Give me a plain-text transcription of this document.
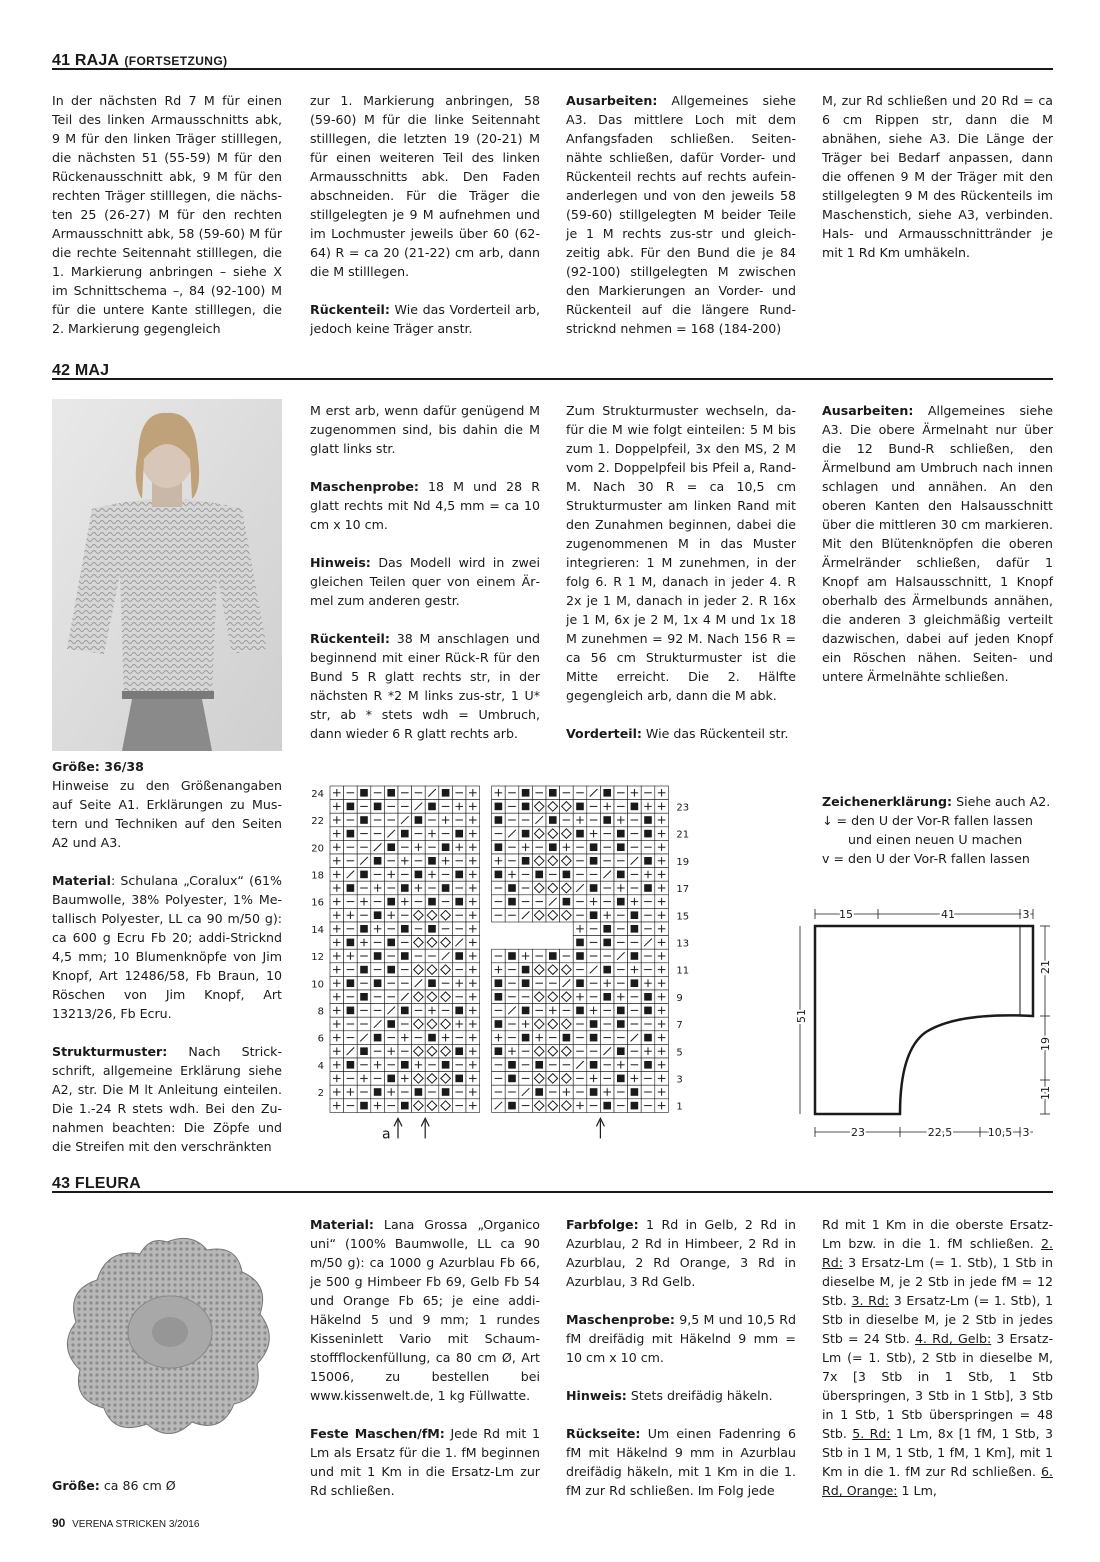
41 RAJA (FORTSETZUNG)

In der nächsten Rd 7 M für einen Teil des linken Armausschnitts abk, 9 M für den linken Träger stilllegen, die nächsten 51 (55-59) M für den Rückenausschnitt abk, 9 M für den rechten Träger stilllegen, die nächsten 25 (26-27) M für den rechten Armausschnitt abk, 58 (59-60) M für die rechte Seitennaht stilllegen, die 1. Markierung anbringen – siehe X im Schnittschema –, 84 (92-100) M für die untere Kante stilllegen, die 2. Markierung gegengleich

zur 1. Markierung anbringen, 58 (59-60) M für die linke Seitennaht stilllegen, die letzten 19 (20-21) M für einen weiteren Teil des linken Armausschnitts abk. Den Faden abschneiden. Für die Träger die stillgelegten je 9 M aufnehmen und im Lochmuster jeweils über 60 (62-64) R = ca 20 (21-22) cm arb, dann die M stilllegen.

Rückenteil: Wie das Vorderteil arb, jedoch keine Träger anstr.

Ausarbeiten: Allgemeines siehe A3. Das mittlere Loch mit dem Anfangsfaden schließen. Seitennähte schließen, dafür Vorder- und Rückenteil rechts auf rechts aufeinanderlegen und von den jeweils 58 (59-60) stillgelegten M beider Teile je 1 M rechts zus-str und gleichzeitig abk. Für den Bund die je 84 (92-100) stillgelegten M zwischen den Markierungen an Vorder- und Rückenteil auf die längere Rundstricknd nehmen = 168 (184-200)

M, zur Rd schließen und 20 Rd = ca 6 cm Rippen str, dann die M abnähen, siehe A3. Die Länge der Träger bei Bedarf anpassen, dann die offenen 9 M der Träger mit den stillgelegten 9 M des Rückenteils im Maschenstich, siehe A3, verbinden. Hals- und Armausschnittränder je mit 1 Rd Km umhäkeln.

42 MAJ

Größe: 36/38

Hinweise zu den Größenangaben auf Seite A1. Erklärungen zu Mustern und Techniken auf den Seiten A2 und A3.

Material: Schulana „Coralux“ (61% Baumwolle, 38% Polyester, 1% Metallisch Polyester, LL ca 90 m/50 g): ca 600 g Ecru Fb 20; addi-Stricknd 4,5 mm; 10 Blumenknöpfe von Jim Knopf, Art 12486/58, Fb Braun, 10 Röschen von Jim Knopf, Art 13213/26, Fb Ecru.

Strukturmuster: Nach Strickschrift, allgemeine Erklärung siehe A2, str. Die M lt Anleitung einteilen. Die 1.-24 R stets wdh. Bei den Zunahmen beachten: Die Zöpfe und die Streifen mit den verschränkten

M erst arb, wenn dafür genügend M zugenommen sind, bis dahin die M glatt links str.

Maschenprobe: 18 M und 28 R glatt rechts mit Nd 4,5 mm = ca 10 cm x 10 cm.

Hinweis: Das Modell wird in zwei gleichen Teilen quer von einem Ärmel zum anderen gestr.

Rückenteil: 38 M anschlagen und beginnend mit einer Rück-R für den Bund 5 R glatt rechts str, in der nächsten R *2 M links zus-str, 1 U* str, ab * stets wdh = Umbruch, dann wieder 6 R glatt rechts arb.

Zum Strukturmuster wechseln, dafür die M wie folgt einteilen: 5 M bis zum 1. Doppelpfeil, 3x den MS, 2 M vom 2. Doppelpfeil bis Pfeil a, Rand-M. Nach 30 R = ca 10,5 cm Strukturmuster am linken Rand mit den Zunahmen beginnen, dabei die zugenommenen M in das Muster integrieren: 1 M zunehmen, in der folg 6. R 1 M, danach in jeder 4. R 2x je 1 M, danach in jeder 2. R 16x je 1 M, 6x je 2 M, 1x 4 M und 1x 18 M zunehmen = 92 M. Nach 156 R = ca 56 cm Strukturmuster ist die Mitte erreicht. Die 2. Hälfte gegengleich arb, dann die M abk.

Vorderteil: Wie das Rückenteil str.

Ausarbeiten: Allgemeines siehe A3. Die obere Ärmelnaht nur über die 12 Bund-R schließen, den Ärmelbund am Umbruch nach innen schlagen und annähen. An den oberen Kanten den Halsausschnitt über die mittleren 30 cm markieren. Mit den Blütenknöpfen die oberen Ärmelränder schließen, dafür 1 Knopf am Halsausschnitt, 1 Knopf oberhalb des Ärmelbunds annähen, die anderen 3 gleichmäßig verteilt dazwischen, dabei auf jeden Knopf ein Röschen nähen. Seiten- und untere Ärmelnähte schließen.

24
22
20
18
16
14
12
10
8
6
4
2
23
21
19
17
15
13
11
9
7
5
3
1
a
Zeichenerklärung: Siehe auch A2.
↓ = den U der Vor-R fallen lassen
und einen neuen U machen
v = den U der Vor-R fallen lassen
15	41	3
51
21
19
11
23	22,5	10,5 3
43 FLEURA

Größe: ca 86 cm Ø

Material: Lana Grossa „Organico uni“ (100% Baumwolle, LL ca 90 m/50 g): ca 1000 g Azurblau Fb 66, je 500 g Himbeer Fb 69, Gelb Fb 54 und Orange Fb 65; je eine addi-Häkelnd 5 und 9 mm; 1 rundes Kisseninlett Vario mit Schaumstoffflockenfüllung, ca 80 cm Ø, Art 15006, zu bestellen bei www.kissenwelt.de, 1 kg Füllwatte.

Feste Maschen/fM: Jede Rd mit 1 Lm als Ersatz für die 1. fM beginnen und mit 1 Km in die Ersatz-Lm zur Rd schließen.

Farbfolge: 1 Rd in Gelb, 2 Rd in Azurblau, 2 Rd in Himbeer, 2 Rd in Azurblau, 2 Rd Orange, 3 Rd in Azurblau, 3 Rd Gelb.

Maschenprobe: 9,5 M und 10,5 Rd fM dreifädig mit Häkelnd 9 mm = 10 cm x 10 cm.

Hinweis: Stets dreifädig häkeln.

Rückseite: Um einen Fadenring 6 fM mit Häkelnd 9 mm in Azurblau dreifädig häkeln, mit 1 Km in die 1. fM zur Rd schließen. Im Folg jede

Rd mit 1 Km in die oberste Ersatz-Lm bzw. in die 1. fM schließen. 2. Rd: 3 Ersatz-Lm (= 1. Stb), 1 Stb in dieselbe M, je 2 Stb in jede fM = 12 Stb. 3. Rd: 3 Ersatz-Lm (= 1. Stb), 1 Stb in dieselbe M, je 2 Stb in jedes Stb = 24 Stb. 4. Rd, Gelb: 3 Ersatz-Lm (= 1. Stb), 2 Stb in dieselbe M, 7x [3 Stb in 1 Stb, 1 Stb überspringen, 3 Stb in 1 Stb], 3 Stb in 1 Stb, 1 Stb überspringen = 48 Stb. 5. Rd: 1 Lm, 8x [1 fM, 1 Stb, 3 Stb in 1 M, 1 Stb, 1 fM, 1 Km], mit 1 Km in die 1. fM zur Rd schließen. 6. Rd, Orange: 1 Lm,

90 VERENA STRICKEN 3/2016
